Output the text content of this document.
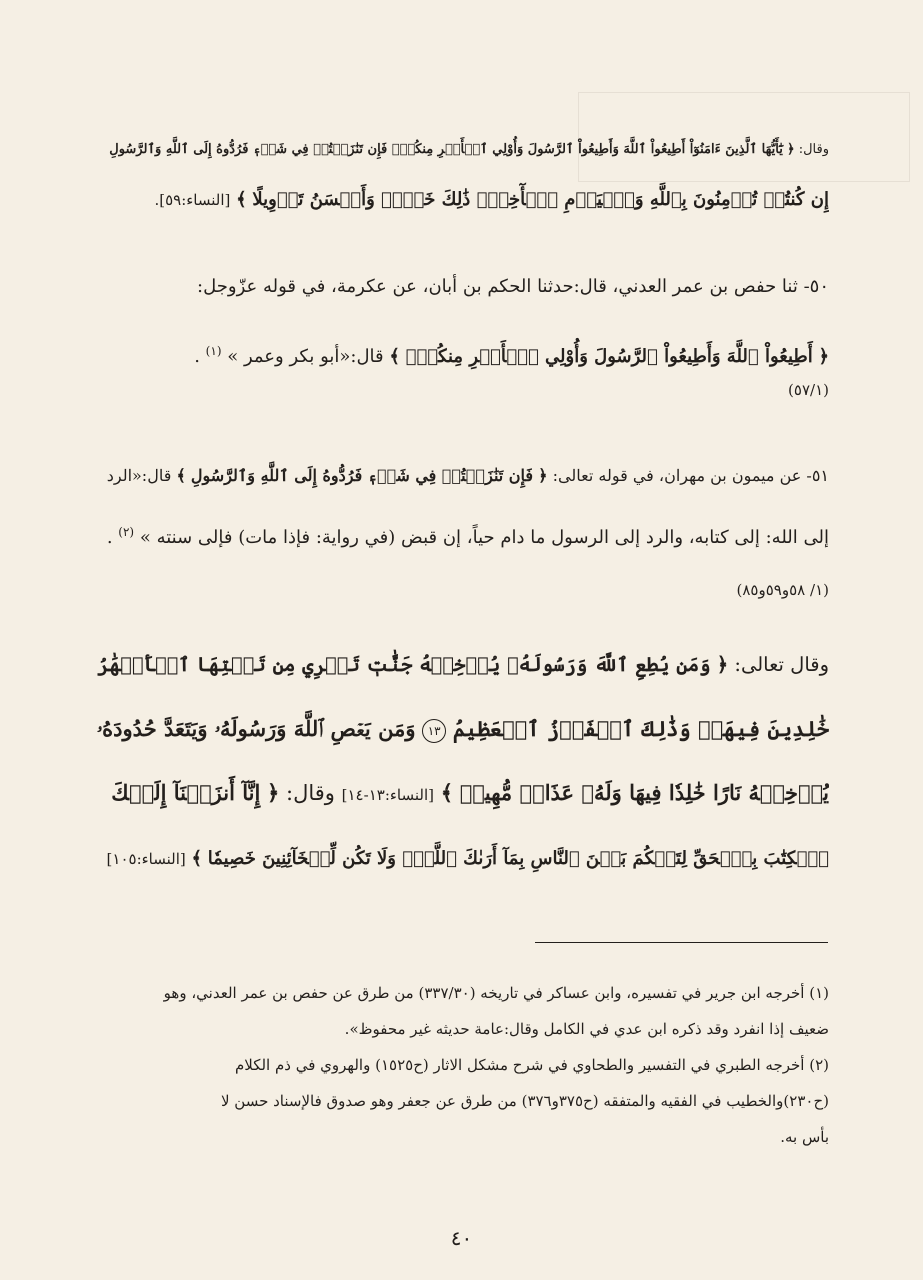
وقال: ﴿ يَٰٓأَيُّهَا ٱلَّذِينَ ءَامَنُوٓاْ أَطِيعُواْ ٱللَّهَ وَأَطِيعُواْ ٱلرَّسُولَ وَأُوْلِي ٱلۡأَمۡرِ مِنكُمۡۖ فَإِن تَنَٰزَعۡتُمۡ فِي شَيۡءٖ فَرُدُّوهُ إِلَى ٱللَّهِ وَٱلرَّسُولِ
إِن كُنتُمۡ تُؤۡمِنُونَ بِٱللَّهِ وَٱلۡيَوۡمِ ٱلۡأٓخِرِۚ ذَٰلِكَ خَيۡرٞ وَأَحۡسَنُ تَأۡوِيلًا ﴾ [النساء:٥٩].
٥٠- ثنا حفص بن عمر العدني، قال:حدثنا الحكم بن أبان، عن عكرمة، في قوله عزّوجل:
﴿ أَطِيعُواْ ٱللَّهَ وَأَطِيعُواْ ٱلرَّسُولَ وَأُوْلِي ٱلۡأَمۡرِ مِنكُمۡۖ ﴾ قال:«أبو بكر وعمر » $^{(١)}$ .
(٥٧/١)
٥١- عن ميمون بن مهران، في قوله تعالى: ﴿ فَإِن تَنَٰزَعۡتُمۡ فِي شَيۡءٖ فَرُدُّوهُ إِلَى ٱللَّهِ وَٱلرَّسُولِ ﴾ قال:«الرد
إلى الله: إلى كتابه، والرد إلى الرسول ما دام حياً، إن قبض (في رواية: فإذا مات) فإلى سنته » $^{(٢)}$ .
(١/ ٥٨و٥٩و٨٥)
وقال تعالى: ﴿ وَمَن يُطِعِ ٱللَّهَ وَرَسُولَهُۥ يُدۡخِلۡهُ جَنَّٰتٖ تَجۡرِي مِن تَحۡتِهَا ٱلۡأَنۡهَٰرُ
خَٰلِدِينَ فِيهَاۚ وَذَٰلِكَ ٱلۡفَوۡزُ ٱلۡعَظِيمُ ١٣ وَمَن يَعۡصِ ٱللَّهَ وَرَسُولَهُۥ وَيَتَعَدَّ حُدُودَهُۥ
يُدۡخِلۡهُ نَارًا خَٰلِدٗا فِيهَا وَلَهُۥ عَذَابٞ مُّهِينٞ ﴾ [النساء:١٣-١٤] وقال: ﴿ إِنَّآ أَنزَلۡنَآ إِلَيۡكَ
ٱلۡكِتَٰبَ بِٱلۡحَقِّ لِتَحۡكُمَ بَيۡنَ ٱلنَّاسِ بِمَآ أَرَىٰكَ ٱللَّهُۚ وَلَا تَكُن لِّلۡخَآئِنِينَ خَصِيمٗا ﴾ [النساء:١٠٥]
(١) أخرجه ابن جرير في تفسيره، وابن عساكر في تاريخه (٣٣٧/٣٠) من طرق عن حفص بن عمر العدني، وهو
ضعيف إذا انفرد وقد ذكره ابن عدي في الكامل وقال:عامة حديثه غير محفوظ».
(٢) أخرجه الطبري في التفسير والطحاوي في شرح مشكل الاثار (ح١٥٢٥) والهروي في ذم الكلام
(ح٢٣٠)والخطيب في الفقيه والمتفقه (ح٣٧٥و٣٧٦) من طرق عن جعفر وهو صدوق فالإسناد حسن لا
بأس به.
٤٠
